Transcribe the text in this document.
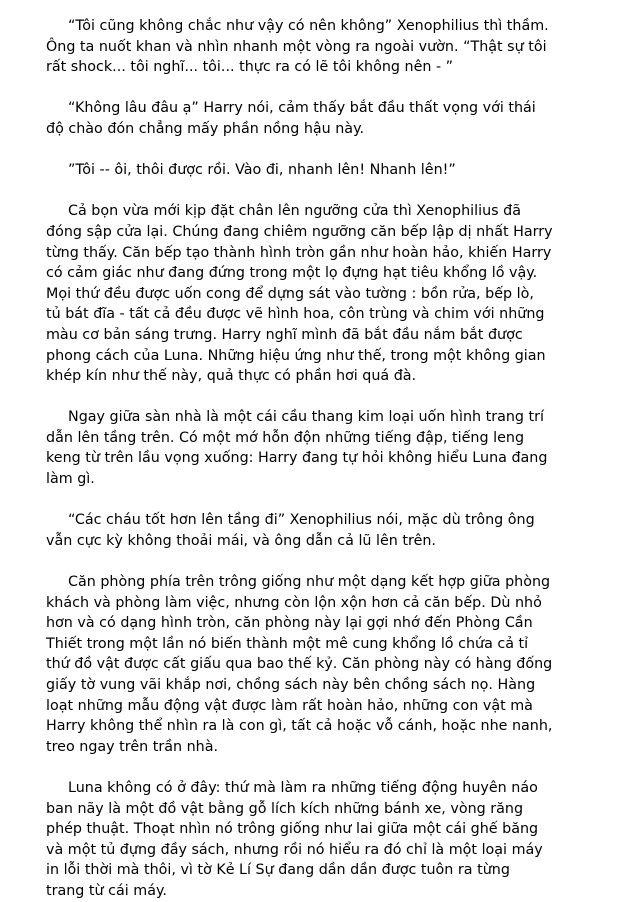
“Tôi cũng không chắc như vậy có nên không” Xenophilius thì thầm.
Ông ta nuốt khan và nhìn nhanh một vòng ra ngoài vườn. “Thật sự tôi
rất shock... tôi nghĩ... tôi... thực ra có lẽ tôi không nên - ”

“Không lâu đâu ạ” Harry nói, cảm thấy bắt đầu thất vọng với thái
độ chào đón chẳng mấy phần nồng hậu này.

”Tôi -- ôi, thôi được rồi. Vào đi, nhanh lên! Nhanh lên!”

Cả bọn vừa mới kịp đặt chân lên ngưỡng cửa thì Xenophilius đã
đóng sập cửa lại. Chúng đang chiêm ngưỡng căn bếp lập dị nhất Harry
từng thấy. Căn bếp tạo thành hình tròn gần như hoàn hảo, khiến Harry
có cảm giác như đang đứng trong một lọ đựng hạt tiêu khổng lồ vậy.
Mọi thứ đều được uốn cong để dựng sát vào tường : bồn rửa, bếp lò,
tủ bát đĩa - tất cả đều được vẽ hình hoa, côn trùng và chim với những
màu cơ bản sáng trưng. Harry nghĩ mình đã bắt đầu nắm bắt được
phong cách của Luna. Những hiệu ứng như thế, trong một không gian
khép kín như thế này, quả thực có phần hơi quá đà.

Ngay giữa sàn nhà là một cái cầu thang kim loại uốn hình trang trí
dẫn lên tầng trên. Có một mớ hỗn độn những tiếng đập, tiếng leng
keng từ trên lầu vọng xuống: Harry đang tự hỏi không hiểu Luna đang
làm gì.

“Các cháu tốt hơn lên tầng đi” Xenophilius nói, mặc dù trông ông
vẫn cực kỳ không thoải mái, và ông dẫn cả lũ lên trên.

Căn phòng phía trên trông giống như một dạng kết hợp giữa phòng
khách và phòng làm việc, nhưng còn lộn xộn hơn cả căn bếp. Dù nhỏ
hơn và có dạng hình tròn, căn phòng này lại gợi nhớ đến Phòng Cần
Thiết trong một lần nó biến thành một mê cung khổng lồ chứa cả tỉ
thứ đồ vật được cất giấu qua bao thế kỷ. Căn phòng này có hàng đống
giấy tờ vung vãi khắp nơi, chồng sách này bên chồng sách nọ. Hàng
loạt những mẫu động vật được làm rất hoàn hảo, những con vật mà
Harry không thể nhìn ra là con gì, tất cả hoặc vỗ cánh, hoặc nhe nanh,
treo ngay trên trần nhà.

Luna không có ở đây: thứ mà làm ra những tiếng động huyên náo
ban nãy là một đồ vật bằng gỗ lích kích những bánh xe, vòng răng
phép thuật. Thoạt nhìn nó trông giống như lai giữa một cái ghế băng
và một tủ đựng đầy sách, nhưng rồi nó hiểu ra đó chỉ là một loại máy
in lỗi thời mà thôi, vì tờ Kẻ Lí Sự đang dần dần được tuôn ra từng
trang từ cái máy.
